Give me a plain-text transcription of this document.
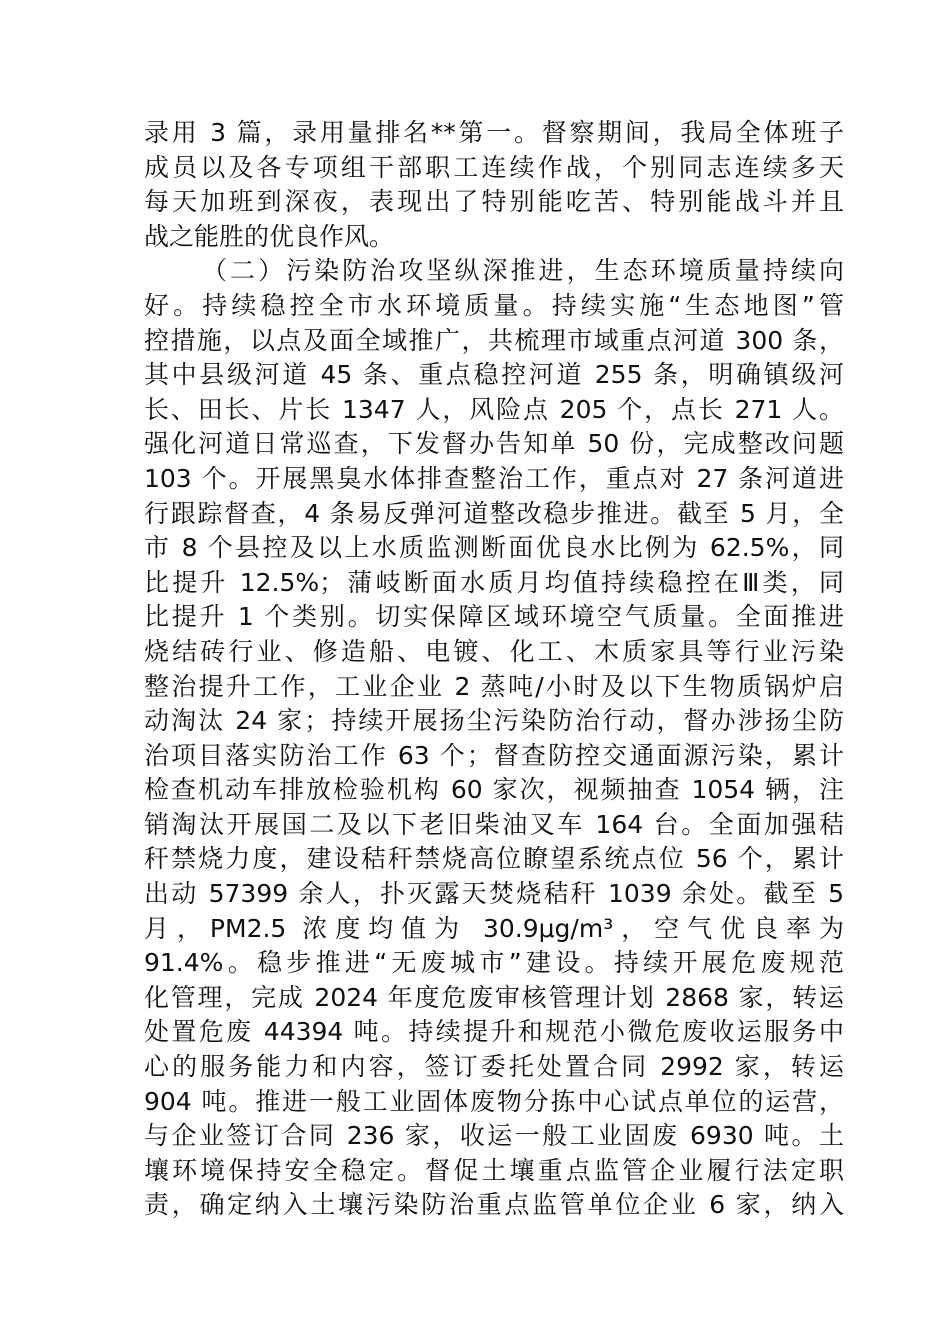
录用 3 篇，录用量排名**第一。督察期间，我局全体班子
成员以及各专项组干部职工连续作战，个别同志连续多天
每天加班到深夜，表现出了特别能吃苦、特别能战斗并且
战之能胜的优良作风。
（二）污染防治攻坚纵深推进，生态环境质量持续向
好。持续稳控全市水环境质量。持续实施“生态地图”管
控措施，以点及面全域推广，共梳理市域重点河道 300 条，
其中县级河道 45 条、重点稳控河道 255 条，明确镇级河
长、田长、片长 1347 人，风险点 205 个，点长 271 人。
强化河道日常巡查，下发督办告知单 50 份，完成整改问题
103 个。开展黑臭水体排查整治工作，重点对 27 条河道进
行跟踪督查，4 条易反弹河道整改稳步推进。截至 5 月，全
市 8 个县控及以上水质监测断面优良水比例为 62.5%，同
比提升 12.5%；蒲岐断面水质月均值持续稳控在Ⅲ类，同
比提升 1 个类别。切实保障区域环境空气质量。全面推进
烧结砖行业、修造船、电镀、化工、木质家具等行业污染
整治提升工作，工业企业 2 蒸吨/小时及以下生物质锅炉启
动淘汰 24 家；持续开展扬尘污染防治行动，督办涉扬尘防
治项目落实防治工作 63 个；督查防控交通面源污染，累计
检查机动车排放检验机构 60 家次，视频抽查 1054 辆，注
销淘汰开展国二及以下老旧柴油叉车 164 台。全面加强秸
秆禁烧力度，建设秸秆禁烧高位瞭望系统点位 56 个，累计
出动 57399 余人，扑灭露天焚烧秸秆 1039 余处。截至 5
月，PM2.5 浓度均值为 30.9μg/m³，空气优良率为
91.4%。稳步推进“无废城市”建设。持续开展危废规范
化管理，完成 2024 年度危废审核管理计划 2868 家，转运
处置危废 44394 吨。持续提升和规范小微危废收运服务中
心的服务能力和内容，签订委托处置合同 2992 家，转运
904 吨。推进一般工业固体废物分拣中心试点单位的运营，
与企业签订合同 236 家，收运一般工业固废 6930 吨。土
壤环境保持安全稳定。督促土壤重点监管企业履行法定职
责，确定纳入土壤污染防治重点监管单位企业 6 家，纳入
